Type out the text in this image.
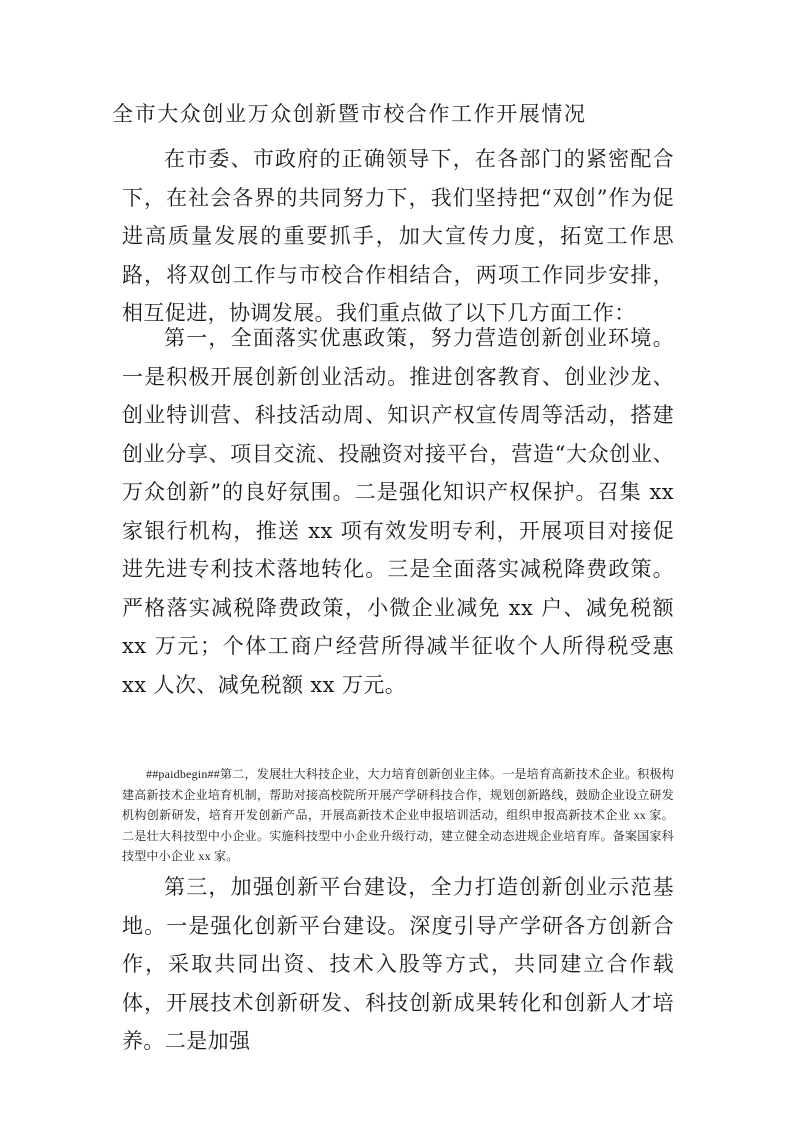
全市大众创业万众创新暨市校合作工作开展情况

在市委、市政府的正确领导下，在各部门的紧密配合下，在社会各界的共同努力下，我们坚持把“双创”作为促进高质量发展的重要抓手，加大宣传力度，拓宽工作思路，将双创工作与市校合作相结合，两项工作同步安排，相互促进，协调发展。我们重点做了以下几方面工作：

第一，全面落实优惠政策，努力营造创新创业环境。一是积极开展创新创业活动。推进创客教育、创业沙龙、创业特训营、科技活动周、知识产权宣传周等活动，搭建创业分享、项目交流、投融资对接平台，营造“大众创业、万众创新”的良好氛围。二是强化知识产权保护。召集 xx 家银行机构，推送 xx 项有效发明专利，开展项目对接促进先进专利技术落地转化。三是全面落实减税降费政策。严格落实减税降费政策，小微企业减免 xx 户、减免税额 xx 万元；个体工商户经营所得减半征收个人所得税受惠 xx 人次、减免税额 xx 万元。

##paidbegin##第二，发展壮大科技企业，大力培育创新创业主体。一是培育高新技术企业。积极构建高新技术企业培育机制，帮助对接高校院所开展产学研科技合作，规划创新路线，鼓励企业设立研发机构创新研发，培育开发创新产品，开展高新技术企业申报培训活动，组织申报高新技术企业 xx 家。二是壮大科技型中小企业。实施科技型中小企业升级行动，建立健全动态进规企业培育库。备案国家科技型中小企业 xx 家。

第三，加强创新平台建设，全力打造创新创业示范基地。一是强化创新平台建设。深度引导产学研各方创新合作，采取共同出资、技术入股等方式，共同建立合作载体，开展技术创新研发、科技创新成果转化和创新人才培养。二是加强
